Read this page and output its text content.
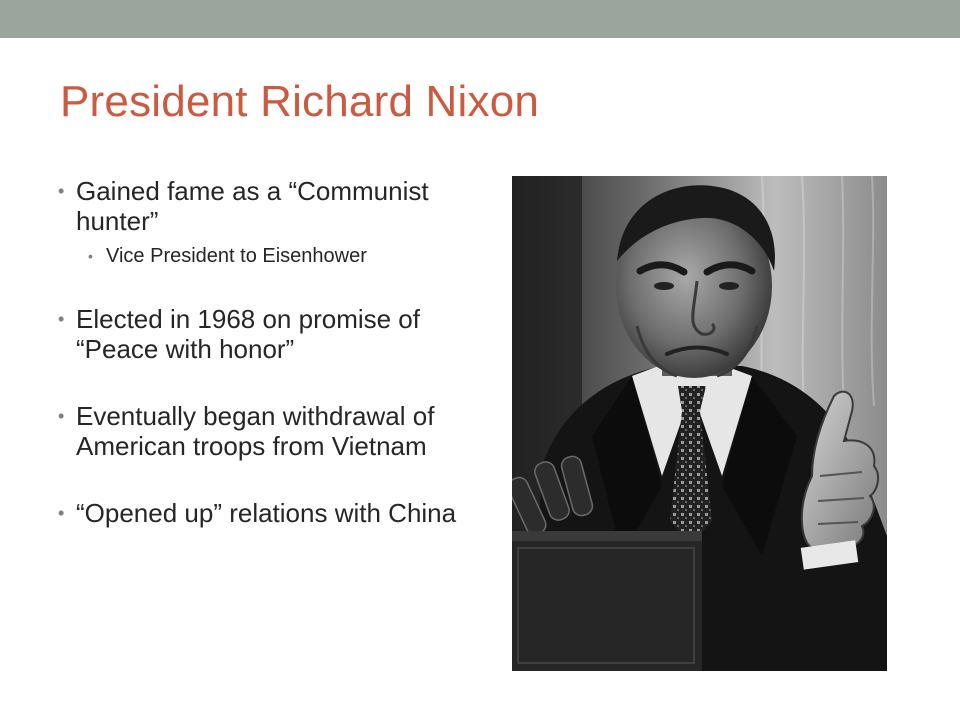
President Richard Nixon
• Gained fame as a “Communist hunter”
• Vice President to Eisenhower
• Elected in 1968 on promise of “Peace with honor”
• Eventually began withdrawal of American troops from Vietnam
• “Opened up” relations with China
